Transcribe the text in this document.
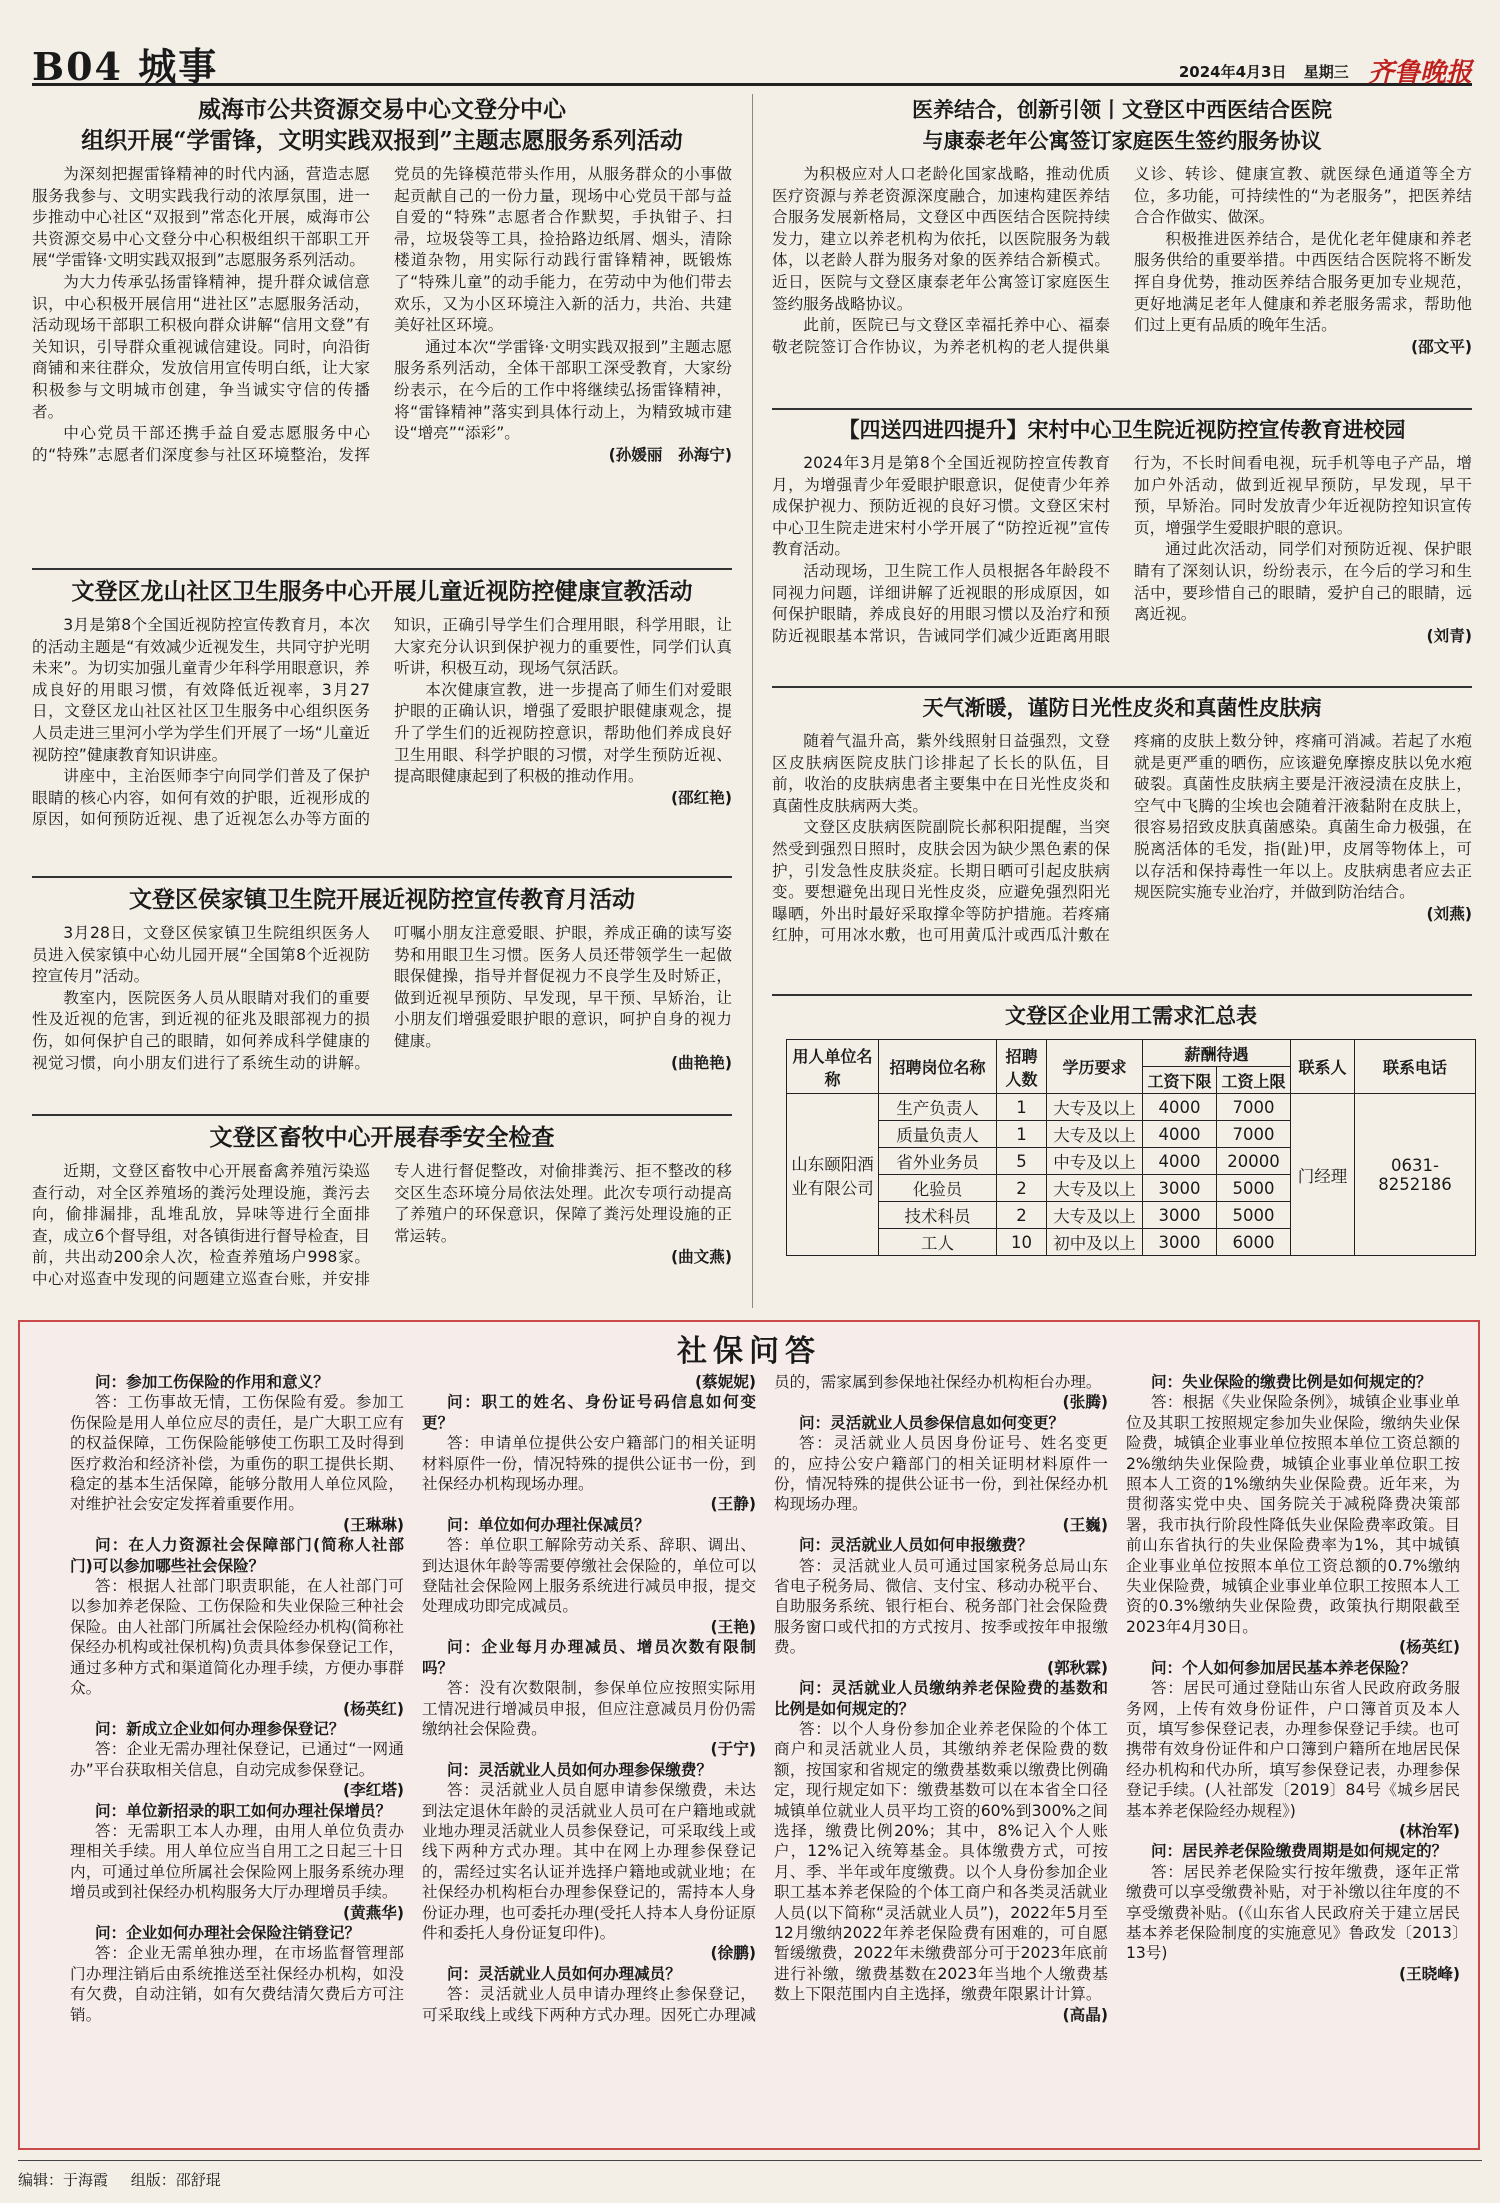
B04 城事	2024年4月3日 星期三 齐鲁晚报
威海市公共资源交易中心文登分中心
组织开展“学雷锋，文明实践双报到”主题志愿服务系列活动

为深刻把握雷锋精神的时代内涵，营造志愿服务我参与、文明实践我行动的浓厚氛围，进一步推动中心社区“双报到”常态化开展，威海市公共资源交易中心文登分中心积极组织干部职工开展“学雷锋·文明实践双报到”志愿服务系列活动。

为大力传承弘扬雷锋精神，提升群众诚信意识，中心积极开展信用“进社区”志愿服务活动，活动现场干部职工积极向群众讲解“信用文登”有关知识，引导群众重视诚信建设。同时，向沿街商铺和来往群众，发放信用宣传明白纸，让大家积极参与文明城市创建，争当诚实守信的传播者。

中心党员干部还携手益自爱志愿服务中心的“特殊”志愿者们深度参与社区环境整治，发挥党员的先锋模范带头作用，从服务群众的小事做起贡献自己的一份力量，现场中心党员干部与益自爱的“特殊”志愿者合作默契，手执钳子、扫帚，垃圾袋等工具，捡拾路边纸屑、烟头，清除楼道杂物，用实际行动践行雷锋精神，既锻炼了“特殊儿童”的动手能力，在劳动中为他们带去欢乐，又为小区环境注入新的活力，共治、共建美好社区环境。

通过本次“学雷锋·文明实践双报到”主题志愿服务系列活动，全体干部职工深受教育，大家纷纷表示，在今后的工作中将继续弘扬雷锋精神，将“雷锋精神”落实到具体行动上，为精致城市建设“增亮”“添彩”。

(孙媛丽　孙海宁)

文登区龙山社区卫生服务中心开展儿童近视防控健康宣教活动

3月是第8个全国近视防控宣传教育月，本次的活动主题是“有效减少近视发生，共同守护光明未来”。为切实加强儿童青少年科学用眼意识，养成良好的用眼习惯，有效降低近视率，3月27日，文登区龙山社区社区卫生服务中心组织医务人员走进三里河小学为学生们开展了一场“儿童近视防控”健康教育知识讲座。

讲座中，主治医师李宁向同学们普及了保护眼睛的核心内容，如何有效的护眼，近视形成的原因，如何预防近视、患了近视怎么办等方面的知识，正确引导学生们合理用眼，科学用眼，让大家充分认识到保护视力的重要性，同学们认真听讲，积极互动，现场气氛活跃。

本次健康宣教，进一步提高了师生们对爱眼护眼的正确认识，增强了爱眼护眼健康观念，提升了学生们的近视防控意识，帮助他们养成良好卫生用眼、科学护眼的习惯，对学生预防近视、提高眼健康起到了积极的推动作用。

(邵红艳)

文登区侯家镇卫生院开展近视防控宣传教育月活动

3月28日，文登区侯家镇卫生院组织医务人员进入侯家镇中心幼儿园开展“全国第8个近视防控宣传月”活动。

教室内，医院医务人员从眼睛对我们的重要性及近视的危害，到近视的征兆及眼部视力的损伤，如何保护自己的眼睛，如何养成科学健康的视觉习惯，向小朋友们进行了系统生动的讲解。叮嘱小朋友注意爱眼、护眼，养成正确的读写姿势和用眼卫生习惯。医务人员还带领学生一起做眼保健操，指导并督促视力不良学生及时矫正，做到近视早预防、早发现，早干预、早矫治，让小朋友们增强爱眼护眼的意识，呵护自身的视力健康。

(曲艳艳)

文登区畜牧中心开展春季安全检查

近期，文登区畜牧中心开展畜禽养殖污染巡查行动，对全区养殖场的粪污处理设施，粪污去向，偷排漏排，乱堆乱放，异味等进行全面排查，成立6个督导组，对各镇街进行督导检查，目前，共出动200余人次，检查养殖场户998家。中心对巡查中发现的问题建立巡查台账，并安排专人进行督促整改，对偷排粪污、拒不整改的移交区生态环境分局依法处理。此次专项行动提高了养殖户的环保意识，保障了粪污处理设施的正常运转。

(曲文燕)

医养结合，创新引领丨文登区中西医结合医院
与康泰老年公寓签订家庭医生签约服务协议

为积极应对人口老龄化国家战略，推动优质医疗资源与养老资源深度融合，加速构建医养结合服务发展新格局，文登区中西医结合医院持续发力，建立以养老机构为依托，以医院服务为载体，以老龄人群为服务对象的医养结合新模式。近日，医院与文登区康泰老年公寓签订家庭医生签约服务战略协议。

此前，医院已与文登区幸福托养中心、福泰敬老院签订合作协议，为养老机构的老人提供巢义诊、转诊、健康宣教、就医绿色通道等全方位，多功能，可持续性的“为老服务”，把医养结合合作做实、做深。

积极推进医养结合，是优化老年健康和养老服务供给的重要举措。中西医结合医院将不断发挥自身优势，推动医养结合服务更加专业规范，更好地满足老年人健康和养老服务需求，帮助他们过上更有品质的晚年生活。

(邵文平)

【四送四进四提升】宋村中心卫生院近视防控宣传教育进校园

2024年3月是第8个全国近视防控宣传教育月，为增强青少年爱眼护眼意识，促使青少年养成保护视力、预防近视的良好习惯。文登区宋村中心卫生院走进宋村小学开展了“防控近视”宣传教育活动。

活动现场，卫生院工作人员根据各年龄段不同视力问题，详细讲解了近视眼的形成原因，如何保护眼睛，养成良好的用眼习惯以及治疗和预防近视眼基本常识，告诫同学们减少近距离用眼行为，不长时间看电视，玩手机等电子产品，增加户外活动，做到近视早预防，早发现，早干预，早矫治。同时发放青少年近视防控知识宣传页，增强学生爱眼护眼的意识。

通过此次活动，同学们对预防近视、保护眼睛有了深刻认识，纷纷表示，在今后的学习和生活中，要珍惜自己的眼睛，爱护自己的眼睛，远离近视。

(刘青)

天气渐暖，谨防日光性皮炎和真菌性皮肤病

随着气温升高，紫外线照射日益强烈，文登区皮肤病医院皮肤门诊排起了长长的队伍，目前，收治的皮肤病患者主要集中在日光性皮炎和真菌性皮肤病两大类。

文登区皮肤病医院副院长郝积阳提醒，当突然受到强烈日照时，皮肤会因为缺少黑色素的保护，引发急性皮肤炎症。长期日晒可引起皮肤病变。要想避免出现日光性皮炎，应避免强烈阳光曝晒，外出时最好采取撑伞等防护措施。若疼痛红肿，可用冰水敷，也可用黄瓜汁或西瓜汁敷在疼痛的皮肤上数分钟，疼痛可消减。若起了水疱就是更严重的晒伤，应该避免摩擦皮肤以免水疱破裂。真菌性皮肤病主要是汗液浸渍在皮肤上，空气中飞腾的尘埃也会随着汗液黏附在皮肤上，很容易招致皮肤真菌感染。真菌生命力极强，在脱离活体的毛发，指(趾)甲，皮屑等物体上，可以存活和保持毒性一年以上。皮肤病患者应去正规医院实施专业治疗，并做到防治结合。

(刘燕)

文登区企业用工需求汇总表
用人单位名称	招聘岗位名称	招聘人数	学历要求	薪酬待遇		联系人	联系电话
				工资下限	工资上限		
山东颐阳酒业有限公司	生产负责人	1	大专及以上	4000	7000	门经理	0631-8252186
	质量负责人	1	大专及以上	4000	7000		
	省外业务员	5	中专及以上	4000	20000		
	化验员	2	大专及以上	3000	5000		
	技术科员	2	大专及以上	3000	5000		
	工人	10	初中及以上	3000	6000		
社保问答

问：参加工伤保险的作用和意义？

答：工伤事故无情，工伤保险有爱。参加工伤保险是用人单位应尽的责任，是广大职工应有的权益保障，工伤保险能够使工伤职工及时得到医疗救治和经济补偿，为重伤的职工提供长期、稳定的基本生活保障，能够分散用人单位风险，对维护社会安定发挥着重要作用。

(王琳琳)

问：在人力资源社会保障部门(简称人社部门)可以参加哪些社会保险？

答：根据人社部门职责职能，在人社部门可以参加养老保险、工伤保险和失业保险三种社会保险。由人社部门所属社会保险经办机构(简称社保经办机构或社保机构)负责具体参保登记工作，通过多种方式和渠道简化办理手续，方便办事群众。

(杨英红)

问：新成立企业如何办理参保登记？

答：企业无需办理社保登记，已通过“一网通办”平台获取相关信息，自动完成参保登记。

(李红塔)

问：单位新招录的职工如何办理社保增员？

答：无需职工本人办理，由用人单位负责办理相关手续。用人单位应当自用工之日起三十日内，可通过单位所属社会保险网上服务系统办理增员或到社保经办机构服务大厅办理增员手续。

(黄燕华)

问：企业如何办理社会保险注销登记？

答：企业无需单独办理，在市场监督管理部门办理注销后由系统推送至社保经办机构，如没有欠费，自动注销，如有欠费结清欠费后方可注销。

(蔡妮妮)

问：职工的姓名、身份证号码信息如何变更？

答：申请单位提供公安户籍部门的相关证明材料原件一份，情况特殊的提供公证书一份，到社保经办机构现场办理。

(王静)

问：单位如何办理社保减员？

答：单位职工解除劳动关系、辞职、调出、到达退休年龄等需要停缴社会保险的，单位可以登陆社会保险网上服务系统进行减员申报，提交处理成功即完成减员。

(王艳)

问：企业每月办理减员、增员次数有限制吗？

答：没有次数限制，参保单位应按照实际用工情况进行增减员申报，但应注意减员月份仍需缴纳社会保险费。

(于宁)

问：灵活就业人员如何办理参保缴费？

答：灵活就业人员自愿申请参保缴费，未达到法定退休年龄的灵活就业人员可在户籍地或就业地办理灵活就业人员参保登记，可采取线上或线下两种方式办理。其中在网上办理参保登记的，需经过实名认证并选择户籍地或就业地；在社保经办机构柜台办理参保登记的，需持本人身份证办理，也可委托办理(受托人持本人身份证原件和委托人身份证复印件)。

(徐鹏)

问：灵活就业人员如何办理减员？

答：灵活就业人员申请办理终止参保登记，可采取线上或线下两种方式办理。因死亡办理减员的，需家属到参保地社保经办机构柜台办理。

(张腾)

问：灵活就业人员参保信息如何变更？

答：灵活就业人员因身份证号、姓名变更的，应持公安户籍部门的相关证明材料原件一份，情况特殊的提供公证书一份，到社保经办机构现场办理。

(王巍)

问：灵活就业人员如何申报缴费？

答：灵活就业人员可通过国家税务总局山东省电子税务局、微信、支付宝、移动办税平台、自助服务系统、银行柜台、税务部门社会保险费服务窗口或代扣的方式按月、按季或按年申报缴费。

(郭秋霖)

问：灵活就业人员缴纳养老保险费的基数和比例是如何规定的？

答：以个人身份参加企业养老保险的个体工商户和灵活就业人员，其缴纳养老保险费的数额，按国家和省规定的缴费基数乘以缴费比例确定，现行规定如下：缴费基数可以在本省全口径城镇单位就业人员平均工资的60%到300%之间选择，缴费比例20%；其中，8%记入个人账户，12%记入统筹基金。具体缴费方式，可按月、季、半年或年度缴费。以个人身份参加企业职工基本养老保险的个体工商户和各类灵活就业人员(以下简称“灵活就业人员”)，2022年5月至12月缴纳2022年养老保险费有困难的，可自愿暂缓缴费，2022年未缴费部分可于2023年底前进行补缴，缴费基数在2023年当地个人缴费基数上下限范围内自主选择，缴费年限累计计算。

(高晶)

问：失业保险的缴费比例是如何规定的？

答：根据《失业保险条例》，城镇企业事业单位及其职工按照规定参加失业保险，缴纳失业保险费，城镇企业事业单位按照本单位工资总额的2%缴纳失业保险费，城镇企业事业单位职工按照本人工资的1%缴纳失业保险费。近年来，为贯彻落实党中央、国务院关于减税降费决策部署，我市执行阶段性降低失业保险费率政策。目前山东省执行的失业保险费率为1%，其中城镇企业事业单位按照本单位工资总额的0.7%缴纳失业保险费，城镇企业事业单位职工按照本人工资的0.3%缴纳失业保险费，政策执行期限截至2023年4月30日。

(杨英红)

问：个人如何参加居民基本养老保险？

答：居民可通过登陆山东省人民政府政务服务网，上传有效身份证件，户口簿首页及本人页，填写参保登记表，办理参保登记手续。也可携带有效身份证件和户口簿到户籍所在地居民保经办机构和代办所，填写参保登记表，办理参保登记手续。(人社部发〔2019〕84号《城乡居民基本养老保险经办规程》)

(林治军)

问：居民养老保险缴费周期是如何规定的？

答：居民养老保险实行按年缴费，逐年正常缴费可以享受缴费补贴，对于补缴以往年度的不享受缴费补贴。(《山东省人民政府关于建立居民基本养老保险制度的实施意见》鲁政发〔2013〕13号)

(王晓峰)

编辑：于海霞 组版：邵舒琨
